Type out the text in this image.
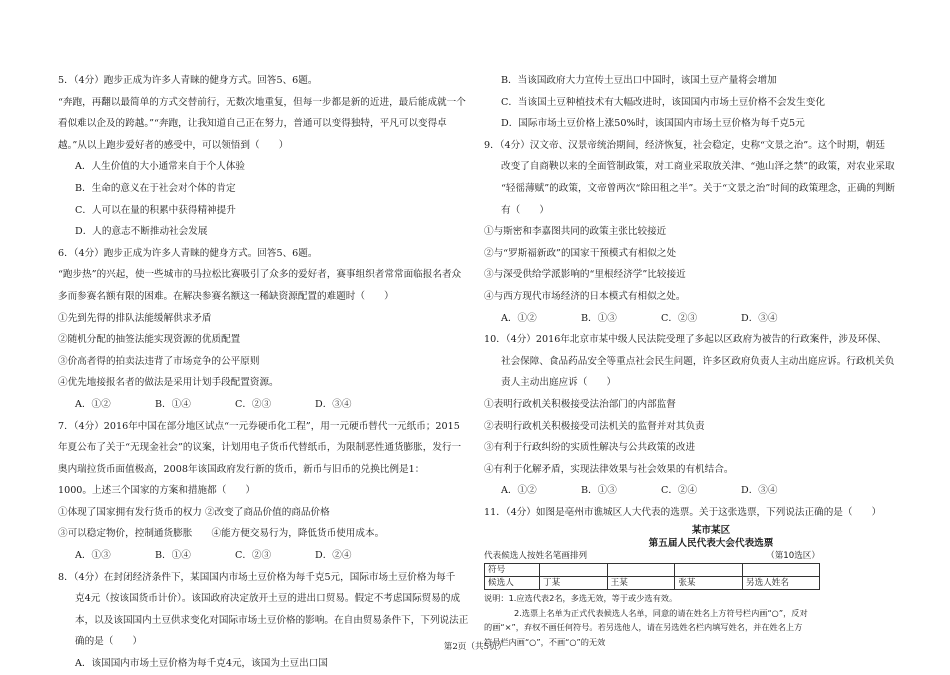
5．（4分）跑步正成为许多人青睐的健身方式。回答5、6题。
“奔跑，再翻以最简单的方式交替前行，无数次地重复，但每一步都是新的近进，最后能成就一个
看似难以企及的跨越。”“奔跑，让我知道自己正在努力，普通可以变得独特，平凡可以变得卓
越。”从以上跑步爱好者的感受中，可以领悟到（　　）
A．人生价值的大小通常来自于个人体验
B．生命的意义在于社会对个体的肯定
C．人可以在量的积累中获得精神提升
D．人的意志不断推动社会发展
6．（4分）跑步正成为许多人青睐的健身方式。回答5、6题。
“跑步热”的兴起，使一些城市的马拉松比赛吸引了众多的爱好者，赛事组织者常常面临报名者众
多而参赛名额有限的困难。在解决参赛名额这一稀缺资源配置的难题时（　　）
①先到先得的排队法能缓解供求矛盾
②随机分配的抽签法能实现资源的优质配置
③价高者得的拍卖法违背了市场竞争的公平原则
④优先地接报名者的做法是采用计划手段配置资源。
A．①②	B．①④	C．②③	D．③④
7．（4分）2016年中国在部分地区试点“一元券硬币化工程”，用一元硬币替代一元纸币；2015
年夏公布了关于“无现金社会”的议案，计划用电子货币代替纸币，为限制恶性通货膨胀，发行一
奥内瑞拉货币面值极高，2008年该国政府发行新的货币，新币与旧币的兑换比例是1：
1000。上述三个国家的方案和措施都（　　）
①体现了国家拥有发行货币的权力 ②改变了商品价值的商品价格
③可以稳定物价，控制通货膨胀　　④能方便交易行为，降低货币使用成本。
A．①③	B．①④	C．②③	D．②④
8．（4分）在封闭经济条件下，某国国内市场土豆价格为每千克5元，国际市场土豆价格为每千
克4元（按该国货币计价）。该国政府决定放开土豆的进出口贸易。假定不考虑国际贸易的成
本，以及该国国内土豆供求变化对国际市场土豆价格的影响。在自由贸易条件下，下列说法正
确的是（　　）
A．该国国内市场土豆价格为每千克4元，该国为土豆出口国
B．当该国政府大力宣传土豆出口中国时，该国土豆产量将会增加
C．当该国土豆种植技术有大幅改进时，该国国内市场土豆价格不会发生变化
D．国际市场土豆价格上涨50%时，该国国内市场土豆价格为每千克5元
9．（4分）汉文帝、汉景帝统治期间，经济恢复，社会稳定，史称“文景之治”。这个时期，朝廷
改变了自商鞅以来的全面管制政策，对工商业采取放关津、“弛山泽之禁”的政策，对农业采取
“轻徭薄赋”的政策，文帝曾两次“除田租之半”。关于“文景之治”时间的政策理念，正确的判断
有（　　）
①与斯密和李嘉图共同的政策主张比较接近
②与“罗斯福新政”的国家干预模式有相似之处
③与深受供给学派影响的“里根经济学”比较接近
④与西方现代市场经济的日本模式有相似之处。
A．①②	B．①③	C．②③	D．③④
10．（4分）2016年北京市某中级人民法院受理了多起以区政府为被告的行政案件，涉及环保、
社会保障、食品药品安全等重点社会民生问题，许多区政府负责人主动出庭应诉。行政机关负
责人主动出庭应诉（　　）
①表明行政机关积极接受法治部门的内部监督
②表明行政机关积极接受司法机关的监督并对其负责
③有利于行政纠纷的实质性解决与公共政策的改进
④有利于化解矛盾，实现法律效果与社会效果的有机结合。
A．①②	B．①③	C．②④	D．③④
11．（4分）如图是亳州市谯城区人大代表的选票。关于这张选票，下列说法正确的是（　　）
某市某区
第五届人民代表大会代表选票
代表候选人按姓名笔画排列	（第10选区）
符号				
候选人	丁某	王某	张某	另选人姓名
说明：1.应选代表2名，多选无效，等于或少选有效。
2.选票上名单为正式代表候选人名单，同意的请在姓名上方符号栏内画“○”，反对
的画“×”，弃权不画任何符号。若另选他人，请在另选姓名栏内填写姓名，并在姓名上方
符号栏内画“○”，不画“○”的无效
第2页（共5页）
